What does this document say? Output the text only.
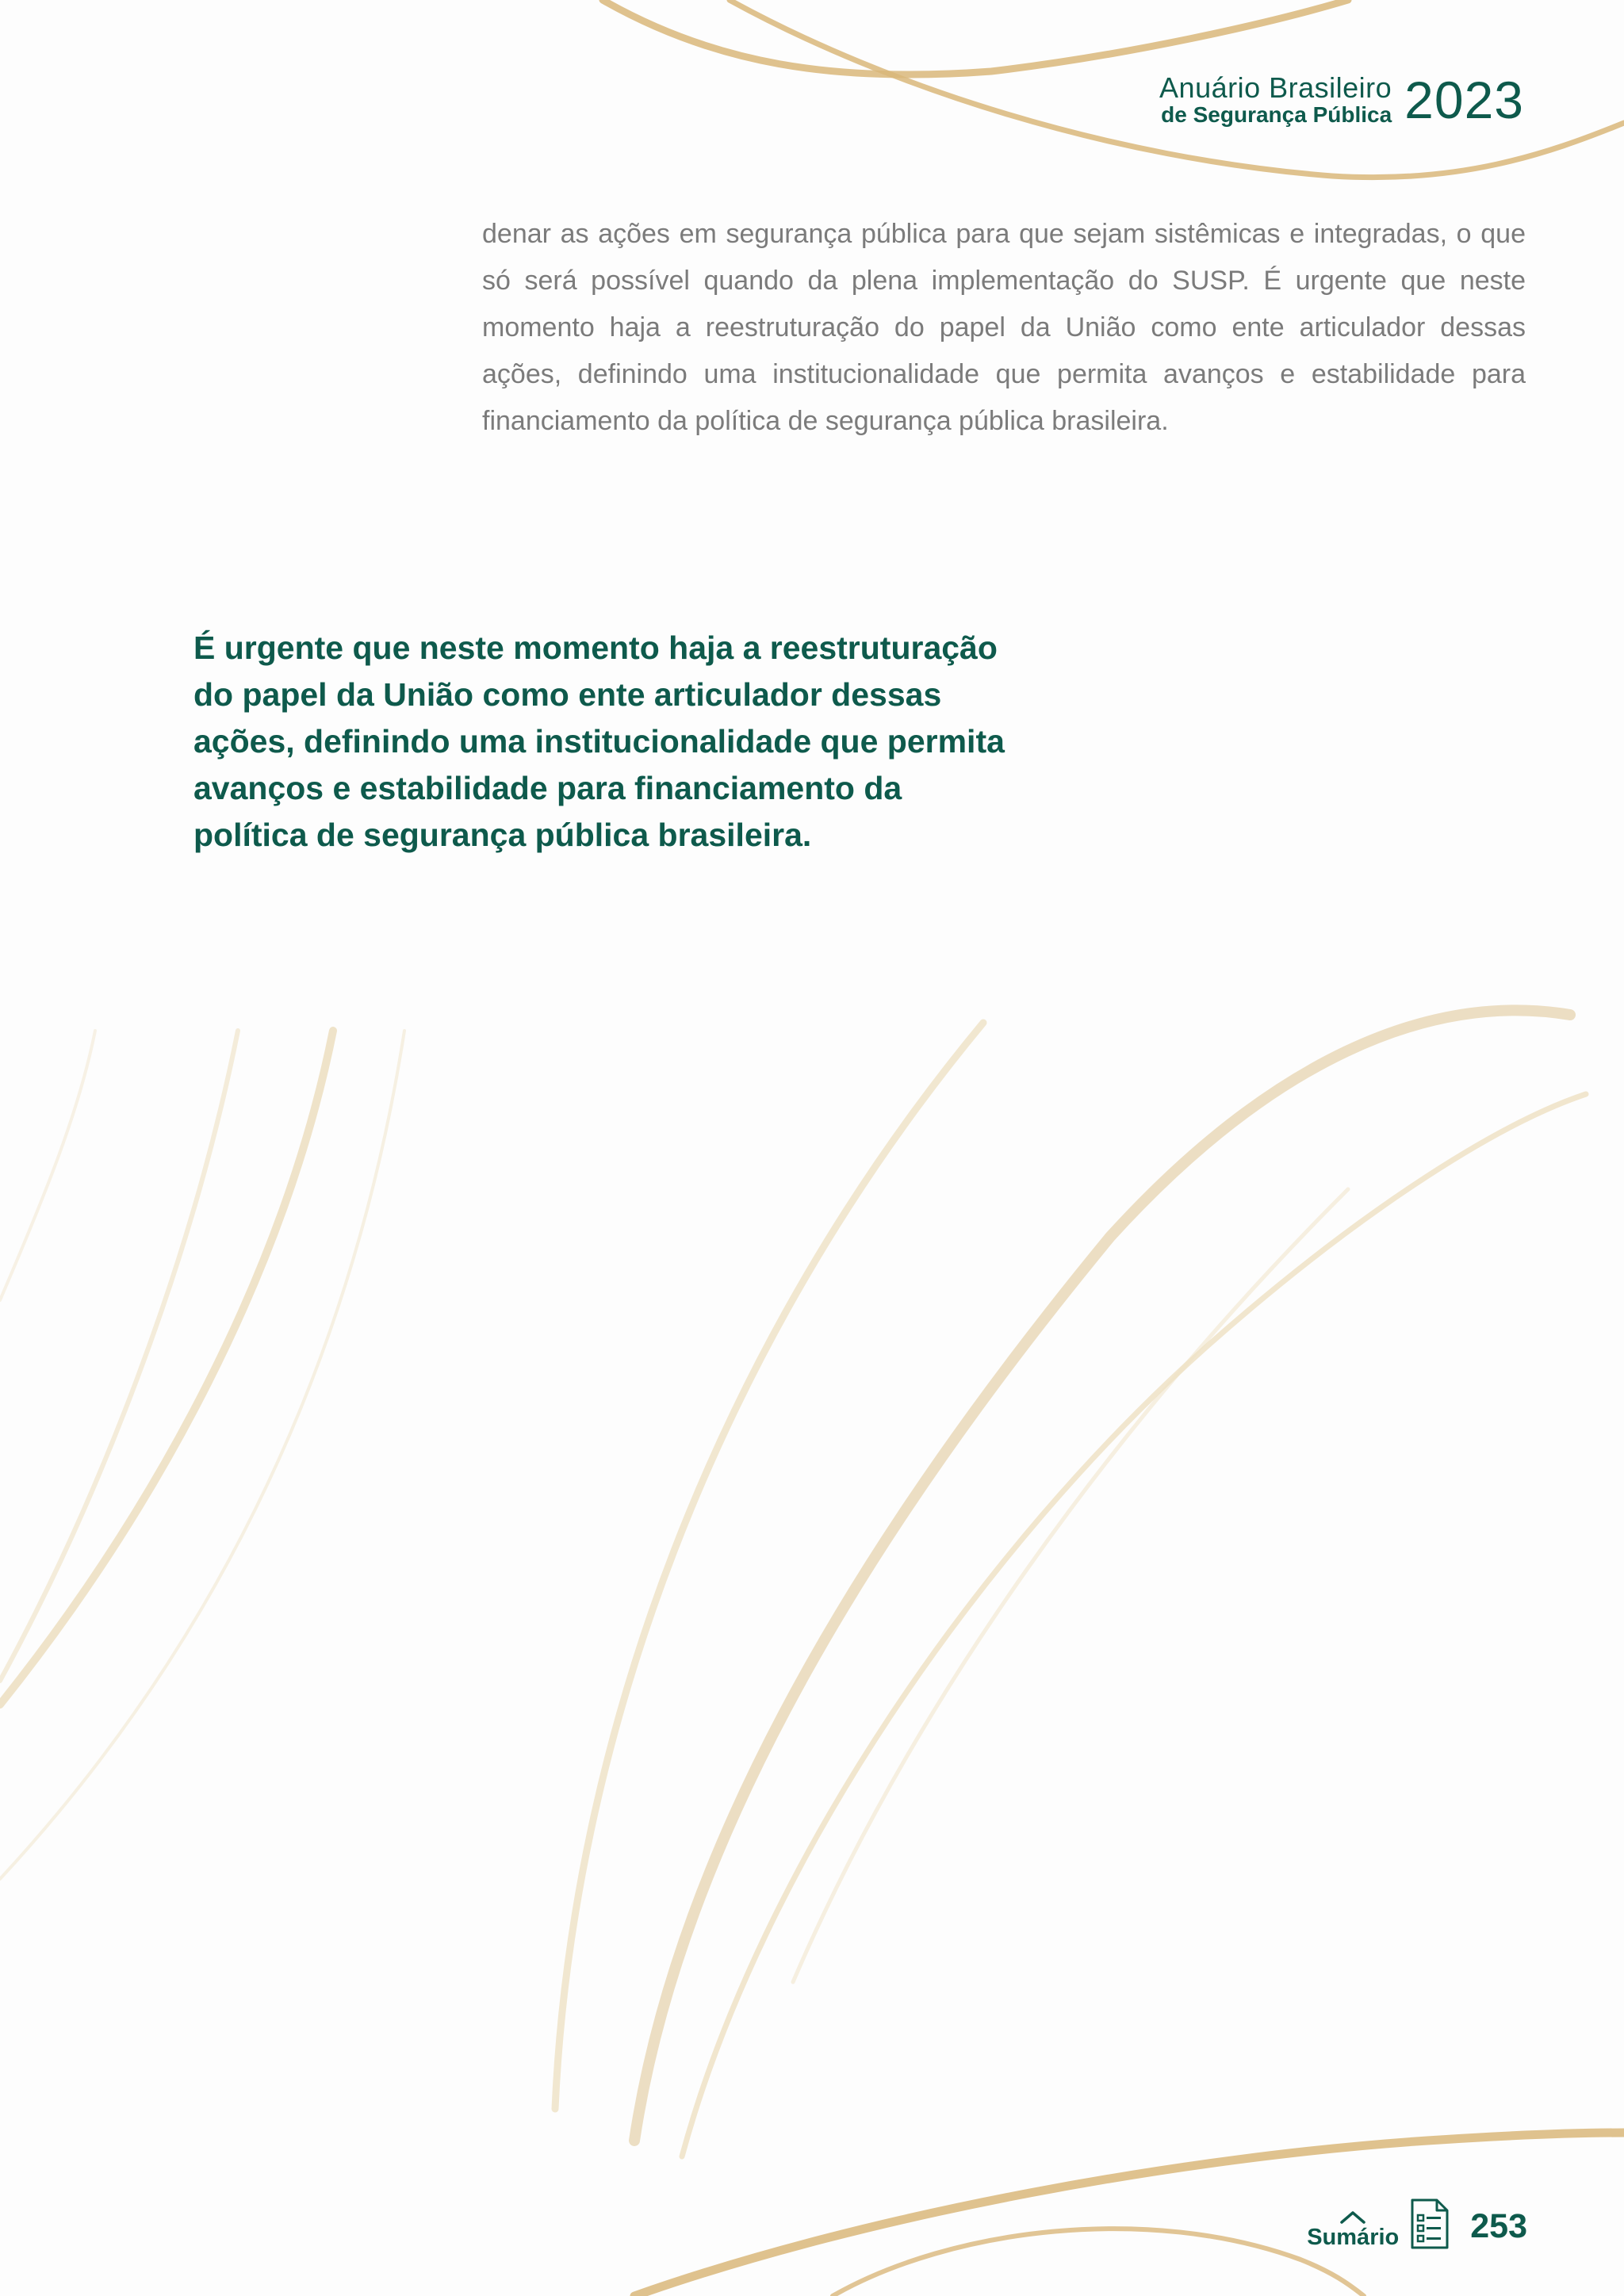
Anuário Brasileiro
de Segurança Pública 2023

denar as ações em segurança pública para que sejam sistêmicas e integradas, o que só será possível quando da plena implementação do SUSP. É urgente que neste momento haja a reestruturação do papel da União como ente articulador dessas ações, definindo uma institucionalidade que permita avanços e estabilidade para financiamento da política de segurança pública brasileira.

É urgente que neste momento haja a reestruturação do papel da União como ente articulador dessas ações, definindo uma institucionalidade que permita avanços e estabilidade para financiamento da política de segurança pública brasileira.

Sumário 253
